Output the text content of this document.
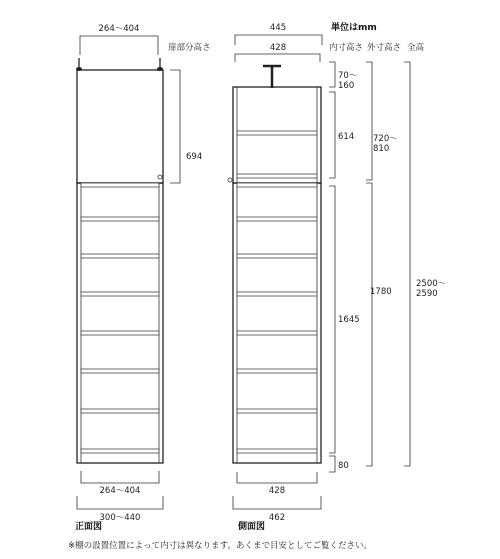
264～404
694
264～404
300～440
正面図
445
428
428
462
側面図
単位はmm
扉部分高さ	内寸高さ 外寸高さ 全高
70～ 160
614
1645
80
720～ 810
1780
2500～ 2590
※棚の設置位置によって内寸は異なります。あくまで目安としてご覧ください。
